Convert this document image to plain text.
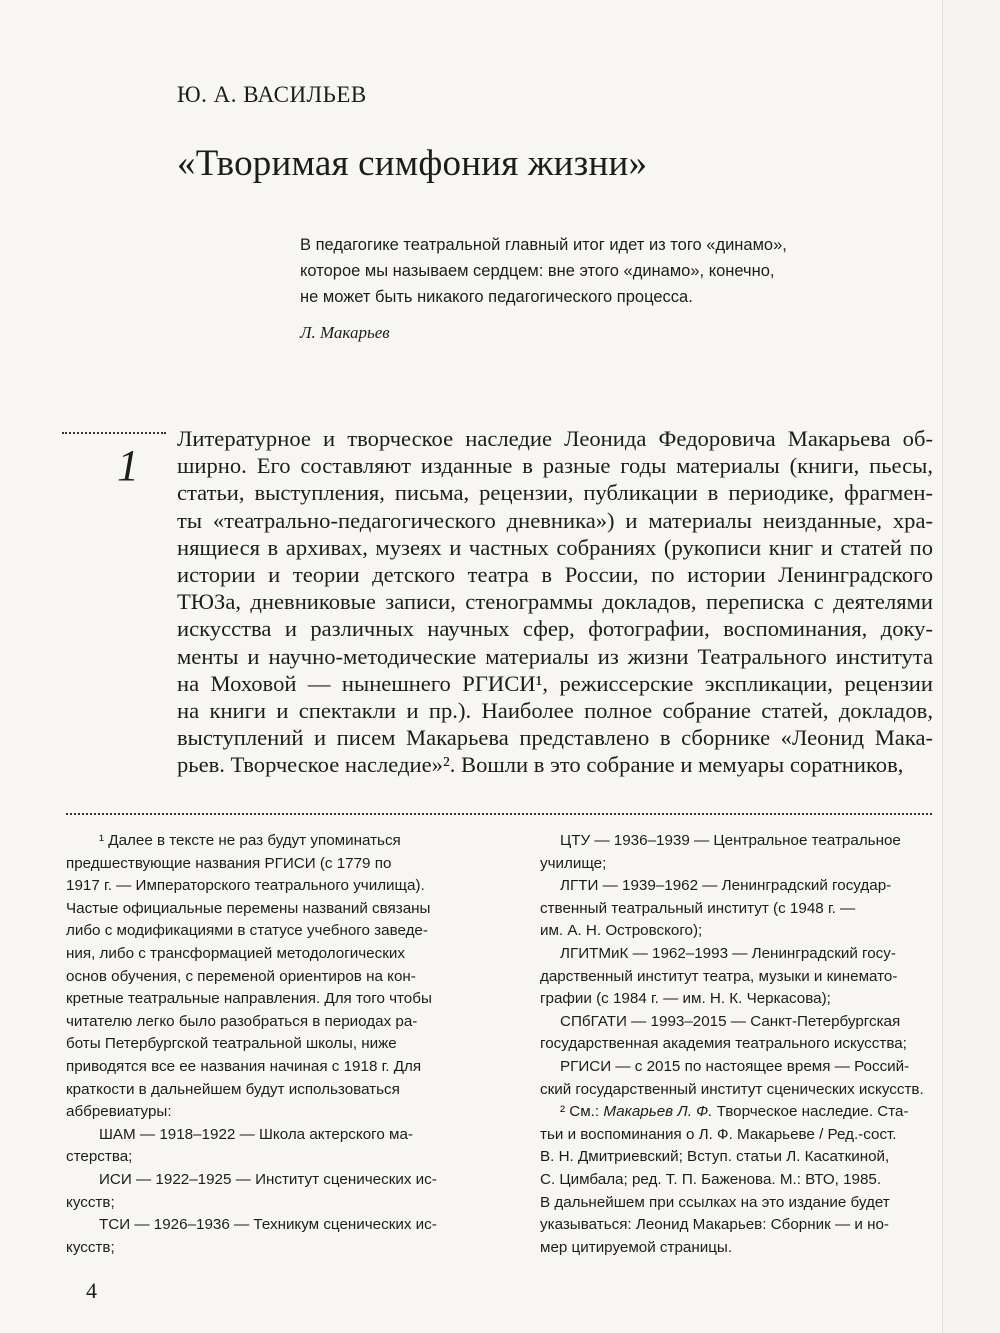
Ю. А. ВАСИЛЬЕВ
«Творимая симфония жизни»
В педагогике театральной главный итог идет из того «динамо»,
которое мы называем сердцем: вне этого «динамо», конечно,
не может быть никакого педагогического процесса.
Л. Макарьев
1
Литературное и творческое наследие Леонида Федоровича Макарьева об-
ширно. Его составляют изданные в разные годы материалы (книги, пьесы,
статьи, выступления, письма, рецензии, публикации в периодике, фрагмен-
ты «театрально-педагогического дневника») и материалы неизданные, хра-
нящиеся в архивах, музеях и частных собраниях (рукописи книг и статей по
истории и теории детского театра в России, по истории Ленинградского
ТЮЗа, дневниковые записи, стенограммы докладов, переписка с деятелями
искусства и различных научных сфер, фотографии, воспоминания, доку-
менты и научно-методические материалы из жизни Театрального института
на Моховой — нынешнего РГИСИ¹, режиссерские экспликации, рецензии
на книги и спектакли и пр.). Наиболее полное собрание статей, докладов,
выступлений и писем Макарьева представлено в сборнике «Леонид Мака-
рьев. Творческое наследие»². Вошли в это собрание и мемуары соратников,
¹ Далее в тексте не раз будут упоминаться
предшествующие названия РГИСИ (с 1779 по
1917 г. — Императорского театрального училища).
Частые официальные перемены названий связаны
либо с модификациями в статусе учебного заведе-
ния, либо с трансформацией методологических
основ обучения, с переменой ориентиров на кон-
кретные театральные направления. Для того чтобы
читателю легко было разобраться в периодах ра-
боты Петербургской театральной школы, ниже
приводятся все ее названия начиная с 1918 г. Для
краткости в дальнейшем будут использоваться
аббревиатуры:
ШАМ — 1918–1922 — Школа актерского ма-
стерства;
ИСИ — 1922–1925 — Институт сценических ис-
кусств;
ТСИ — 1926–1936 — Техникум сценических ис-
кусств;
ЦТУ — 1936–1939 — Центральное театральное
училище;
ЛГТИ — 1939–1962 — Ленинградский государ-
ственный театральный институт (с 1948 г. —
им. А. Н. Островского);
ЛГИТМиК — 1962–1993 — Ленинградский госу-
дарственный институт театра, музыки и кинемато-
графии (с 1984 г. — им. Н. К. Черкасова);
СПбГАТИ — 1993–2015 — Санкт-Петербургская
государственная академия театрального искусства;
РГИСИ — с 2015 по настоящее время — Россий-
ский государственный институт сценических искусств.
² См.: Макарьев Л. Ф. Творческое наследие. Ста-
тьи и воспоминания о Л. Ф. Макарьеве / Ред.-сост.
В. Н. Дмитриевский; Вступ. статьи Л. Касаткиной,
С. Цимбала; ред. Т. П. Баженова. М.: ВТО, 1985.
В дальнейшем при ссылках на это издание будет
указываться: Леонид Макарьев: Сборник — и но-
мер цитируемой страницы.
4
